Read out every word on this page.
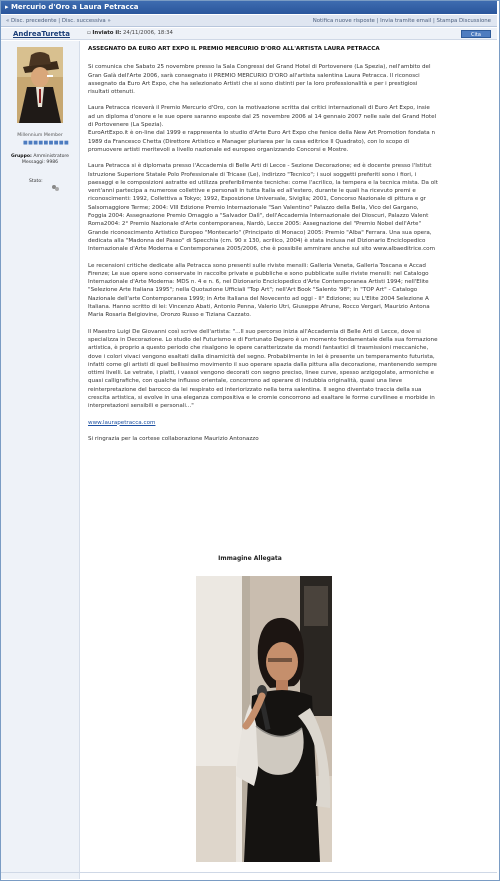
▸ Mercurio d'Oro a Laura Petracca
« Disc. precedente | Disc. successiva »	Notifica nuove risposte | Invia tramite email | Stampa Discussione
AndreaTuretta	▫ Inviato il: 24/11/2006, 18:34	Cita
Millennium Member
■■■■■■■■■
Gruppo: Amministratore
Messaggi: 9986
Stato:

ASSEGNATO DA EURO ART EXPO IL PREMIO MERCURIO D'ORO ALL'ARTISTA LAURA PETRACCA

Si comunica che Sabato 25 novembre presso la Sala Congressi del Grand Hotel di Portovenere (La Spezia), nell'ambito del
Gran Galà dell'Arte 2006, sarà consegnato il PREMIO MERCURIO D'ORO all'artista salentina Laura Petracca. Il riconosci
assegnato da Euro Art Expo, che ha selezionato Artisti che si sono distinti per la loro professionalità e per i prestigiosi
risultati ottenuti.

Laura Petracca riceverà il Premio Mercurio d'Oro, con la motivazione scritta dai critici internazionali di Euro Art Expo, insie
ad un diploma d'onore e le sue opere saranno esposte dal 25 novembre 2006 al 14 gennaio 2007 nelle sale del Grand Hotel
di Portovenere (La Spezia).
EuroArtExpo.it è on-line dal 1999 e rappresenta lo studio d'Arte Euro Art Expo che fenice della New Art Promotion fondata n
1989 da Francesco Chetta (Direttore Artistico e Manager pluriarea per la casa editrice Il Quadrato), con lo scopo di
promuovere artisti meritevoli a livello nazionale ed europeo organizzando Concorsi e Mostre.

Laura Petracca si è diplomata presso l'Accademia di Belle Arti di Lecce - Sezione Decorazione; ed è docente presso l'Istitut
Istruzione Superiore Statale Polo Professionale di Tricase (Le), indirizzo "Tecnico"; i suoi soggetti preferiti sono i fiori, i
paesaggi e le composizioni astratte ed utilizza preferibilmente tecniche: come l'acrilico, la tempera e la tecnica mista. Da olt
vent'anni partecipa a numerose collettive e personali in tutta Italia ed all'estero, durante le quali ha ricevuto premi e
riconoscimenti: 1992, Collettiva a Tokyo; 1992, Esposizione Universale, Siviglia; 2001, Concorso Nazionale di pittura e gr
Salsomaggiore Terme; 2004: VIII Edizione Premio Internazionale "San Valentino" Palazzo della Bella, Vico del Gargano,
Foggia 2004: Assegnazione Premio Omaggio a "Salvador Dalì", dell'Accademia Internazionale dei Dioscuri, Palazzo Valent
Roma2004: 2° Premio Nazionale d'Arte contemporanea, Nardò, Lecce 2005: Assegnazione del "Premio Nobel dell'Arte"
Grande riconoscimento Artistico Europeo "Montecarlo" (Principato di Monaco) 2005: Premio "Alba" Ferrara. Una sua opera,
dedicata alla "Madonna del Passo" di Specchia (cm. 90 x 130, acrilico, 2004) è stata inclusa nel Dizionario Enciclopedico
Internazionale d'Arte Moderna e Contemporanea 2005/2006, che è possibile ammirare anche sul sito www.albaeditrice.com

Le recensioni critiche dedicate alla Petracca sono presenti sulle riviste mensili: Galleria Veneta, Galleria Toscana e Accad
Firenze; Le sue opere sono conservate in raccolte private e pubbliche e sono pubblicate sulle riviste mensili: nel Catalogo
Internazionale d'Arte Moderna: MDS n. 4 e n. 6, nel Dizionario Enciclopedico d'Arte Contemporanea Artisti 1994; nell'Elite
"Selezione Arte Italiana 1995"; nella Quotazione Ufficiali "Top Art"; nell'Art Book "Salento '98"; in "TOP Art" - Catalogo
Nazionale dell'arte Contemporanea 1999; in Arte Italiana del Novecento ad oggi - II° Edizione; su L'Elite 2004 Selezione A
Italiana. Hanno scritto di lei: Vincenzo Abati, Antonio Penna, Valerio Utri, Giuseppe Afrune, Rocco Vergari, Maurizio Antona
Maria Rosaria Belgiovine, Oronzo Russo e Tiziana Cazzato.

Il Maestro Luigi De Giovanni così scrive dell'artista: "...Il suo percorso inizia all'Accademia di Belle Arti di Lecce, dove si
specializza in Decorazione. Lo studio del Futurismo e di Fortunato Depero è un momento fondamentale della sua formazione
artistica, è proprio a questo periodo che risalgono le opere caratterizzate da mondi fantastici di trasmissioni meccaniche,
dove i colori vivaci vengono esaltati dalla dinamicità del segno. Probabilmente in lei è presente un temperamento futurista,
infatti come gli artisti di quel bellissimo movimento il suo operare spazia dalla pittura alla decorazione, mantenendo sempre
ottimi livelli. Le vetrate, i piatti, i vassoi vengono decorati con segno preciso, linee curve, spesso arzigogolate, armoniche e
quasi calligrafiche, con qualche influsso orientale, concorrono ad operare di indubbia originalità, quasi una lieve
reinterpretazione del barocco da lei respirato ed interiorizzato nella terra salentina. Il segno diventato traccia della sua
crescita artistica, si evolve in una eleganza compositiva e le cromie concorrono ad esaltare le forme curvilinee e morbide in
interpretazioni sensibili e personali..."

www.laurapetracca.com

Si ringrazia per la cortese collaborazione Maurizio Antonazzo

Immagine Allegata
